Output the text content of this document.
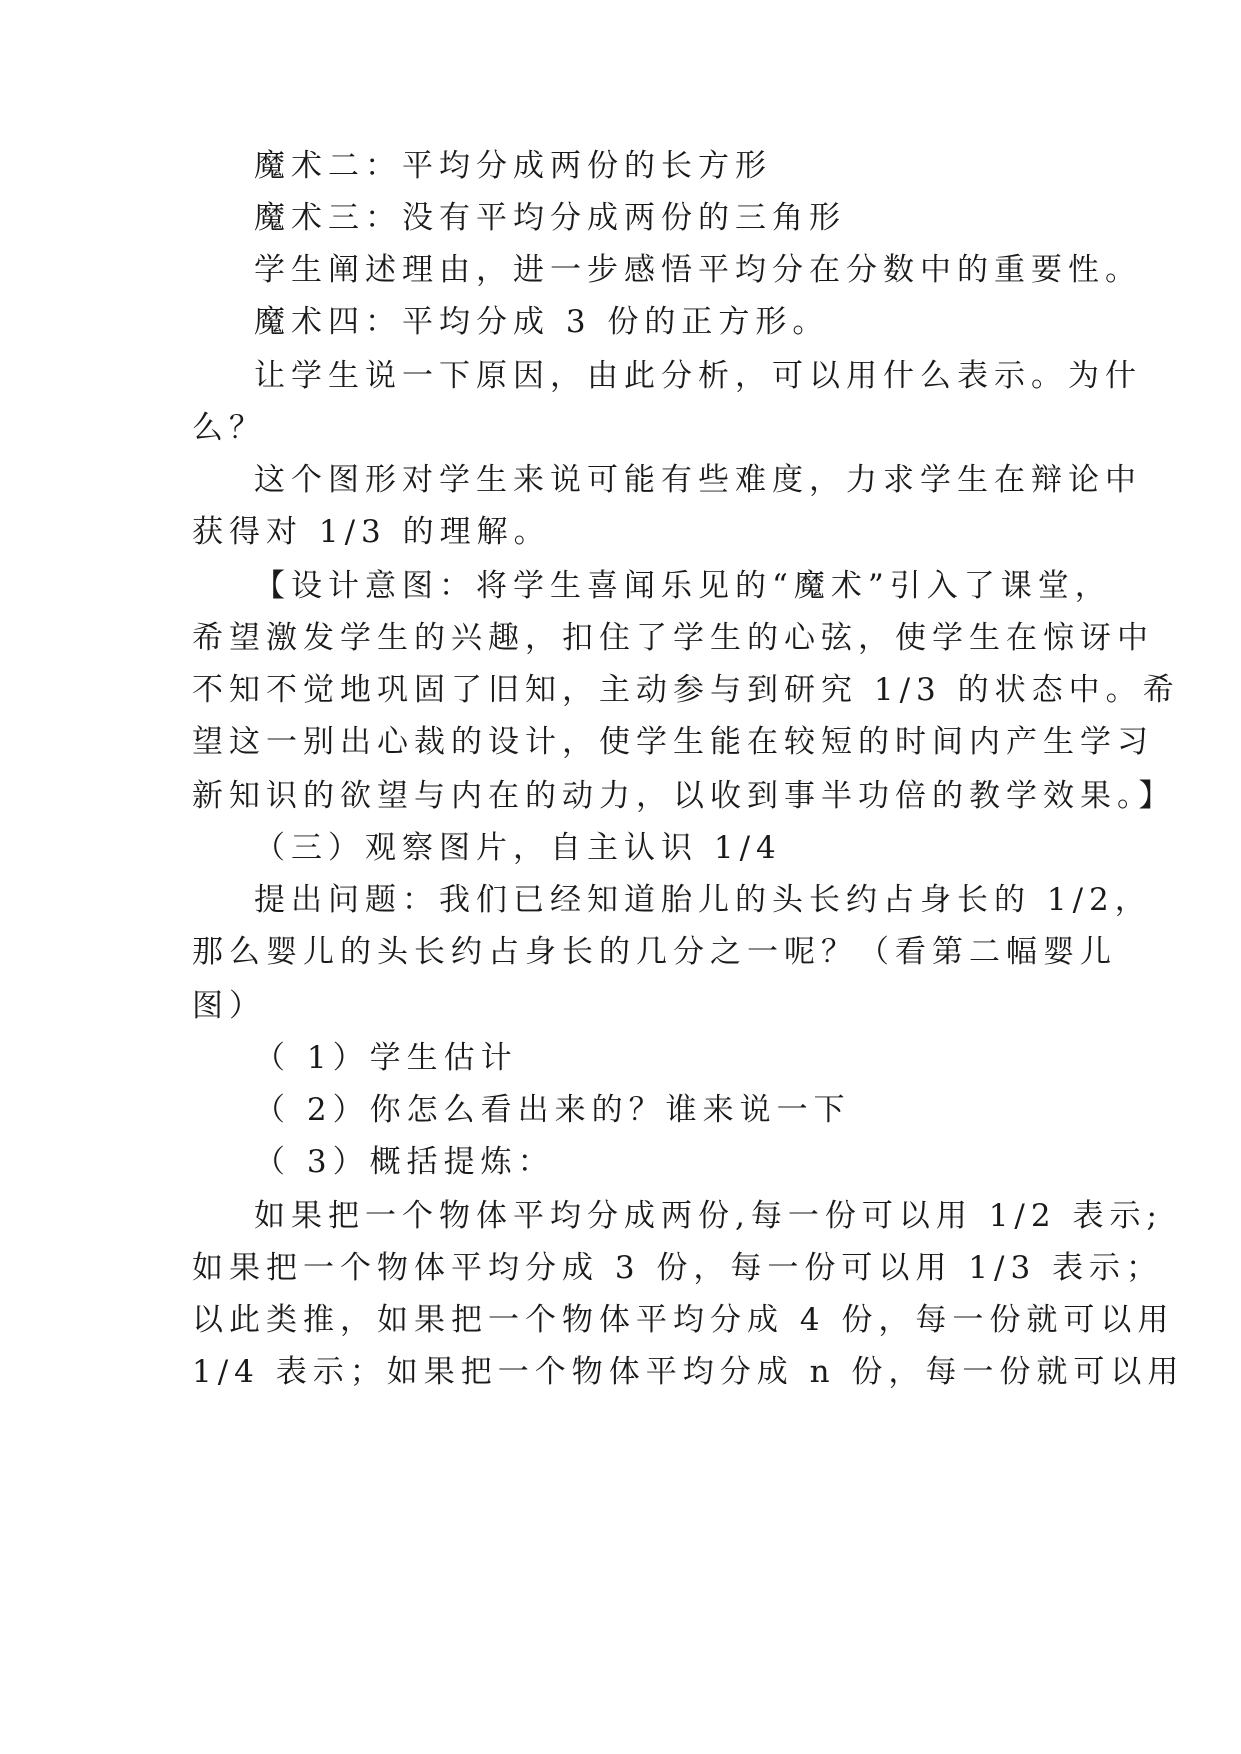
魔术二：平均分成两份的长方形
魔术三：没有平均分成两份的三角形
学生阐述理由，进一步感悟平均分在分数中的重要性。
魔术四：平均分成 3 份的正方形。
让学生说一下原因，由此分析，可以用什么表示。为什
么？
这个图形对学生来说可能有些难度，力求学生在辩论中
获得对 1/3 的理解。
【设计意图：将学生喜闻乐见的“魔术”引入了课堂，
希望激发学生的兴趣，扣住了学生的心弦，使学生在惊讶中
不知不觉地巩固了旧知，主动参与到研究 1/3 的状态中。希
望这一别出心裁的设计，使学生能在较短的时间内产生学习
新知识的欲望与内在的动力，以收到事半功倍的教学效果。】
（三）观察图片，自主认识 1/4
提出问题：我们已经知道胎儿的头长约占身长的 1/2，
那么婴儿的头长约占身长的几分之一呢？（看第二幅婴儿
图）
（ 1）学生估计
（ 2）你怎么看出来的？谁来说一下
（ 3）概括提炼：
如果把一个物体平均分成两份,每一份可以用 1/2 表示;
如果把一个物体平均分成 3 份，每一份可以用 1/3 表示；
以此类推，如果把一个物体平均分成 4 份，每一份就可以用
1/4 表示；如果把一个物体平均分成 n 份，每一份就可以用
